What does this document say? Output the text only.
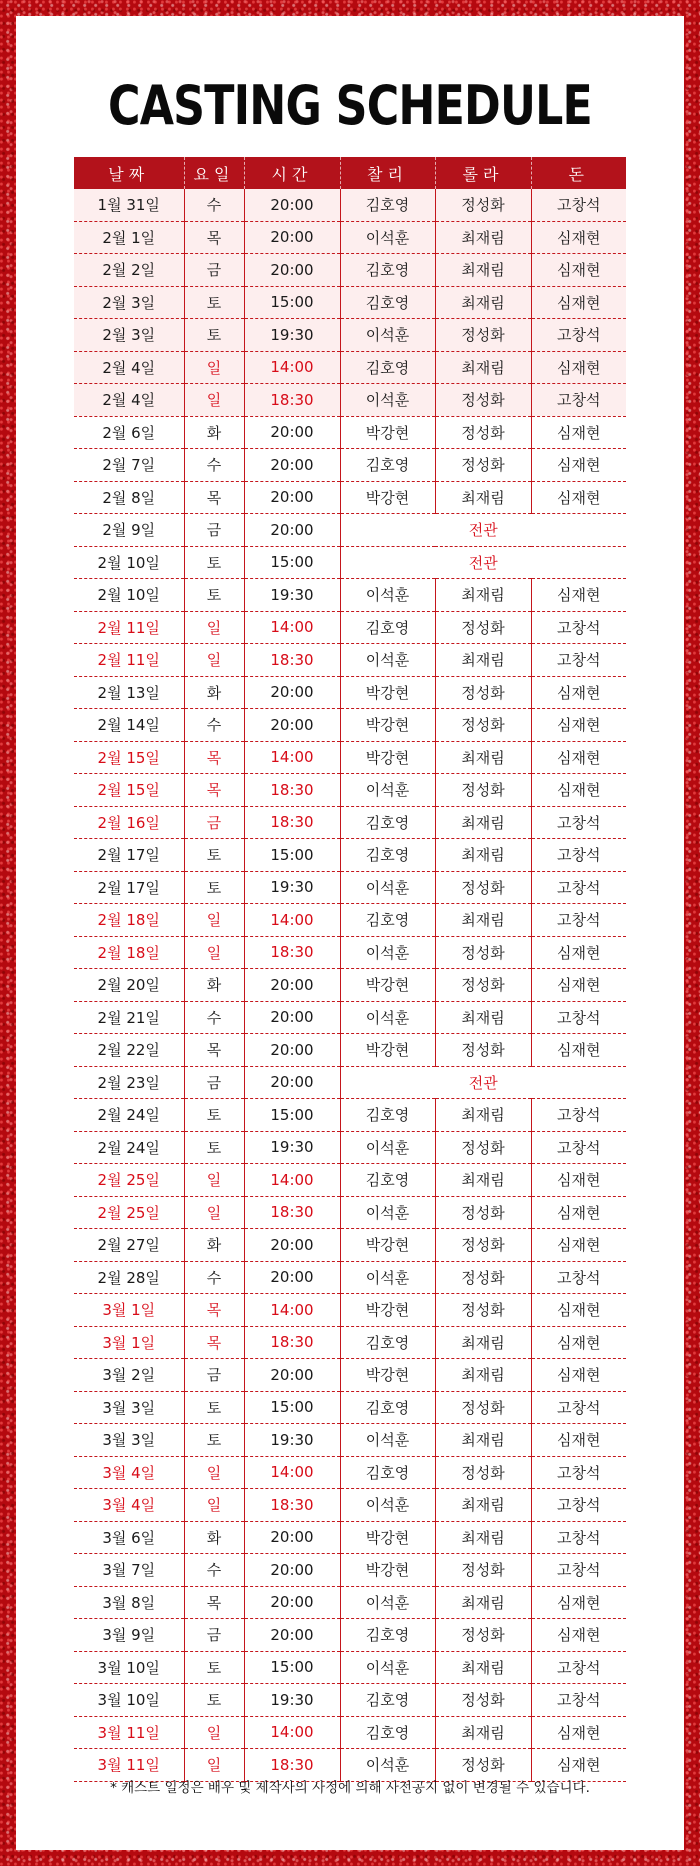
CASTING SCHEDULE
날짜	요일	시간	찰리	롤라	돈
1월 31일	수	20:00	김호영	정성화	고창석
2월 1일	목	20:00	이석훈	최재림	심재현
2월 2일	금	20:00	김호영	최재림	심재현
2월 3일	토	15:00	김호영	최재림	심재현
2월 3일	토	19:30	이석훈	정성화	고창석
2월 4일	일	14:00	김호영	최재림	심재현
2월 4일	일	18:30	이석훈	정성화	고창석
2월 6일	화	20:00	박강현	정성화	심재현
2월 7일	수	20:00	김호영	정성화	심재현
2월 8일	목	20:00	박강현	최재림	심재현
2월 9일	금	20:00	전관		
2월 10일	토	15:00	전관		
2월 10일	토	19:30	이석훈	최재림	심재현
2월 11일	일	14:00	김호영	정성화	고창석
2월 11일	일	18:30	이석훈	최재림	고창석
2월 13일	화	20:00	박강현	정성화	심재현
2월 14일	수	20:00	박강현	정성화	심재현
2월 15일	목	14:00	박강현	최재림	심재현
2월 15일	목	18:30	이석훈	정성화	심재현
2월 16일	금	18:30	김호영	최재림	고창석
2월 17일	토	15:00	김호영	최재림	고창석
2월 17일	토	19:30	이석훈	정성화	고창석
2월 18일	일	14:00	김호영	최재림	고창석
2월 18일	일	18:30	이석훈	정성화	심재현
2월 20일	화	20:00	박강현	정성화	심재현
2월 21일	수	20:00	이석훈	최재림	고창석
2월 22일	목	20:00	박강현	정성화	심재현
2월 23일	금	20:00	전관		
2월 24일	토	15:00	김호영	최재림	고창석
2월 24일	토	19:30	이석훈	정성화	고창석
2월 25일	일	14:00	김호영	최재림	심재현
2월 25일	일	18:30	이석훈	정성화	심재현
2월 27일	화	20:00	박강현	정성화	심재현
2월 28일	수	20:00	이석훈	정성화	고창석
3월 1일	목	14:00	박강현	정성화	심재현
3월 1일	목	18:30	김호영	최재림	심재현
3월 2일	금	20:00	박강현	최재림	심재현
3월 3일	토	15:00	김호영	정성화	고창석
3월 3일	토	19:30	이석훈	최재림	심재현
3월 4일	일	14:00	김호영	정성화	고창석
3월 4일	일	18:30	이석훈	최재림	고창석
3월 6일	화	20:00	박강현	최재림	고창석
3월 7일	수	20:00	박강현	정성화	고창석
3월 8일	목	20:00	이석훈	최재림	심재현
3월 9일	금	20:00	김호영	정성화	심재현
3월 10일	토	15:00	이석훈	최재림	고창석
3월 10일	토	19:30	김호영	정성화	고창석
3월 11일	일	14:00	김호영	최재림	심재현
3월 11일	일	18:30	이석훈	정성화	심재현
* 캐스트 일정은 배우 및 제작사의 사정에 의해 사전공지 없이 변경될 수 있습니다.
